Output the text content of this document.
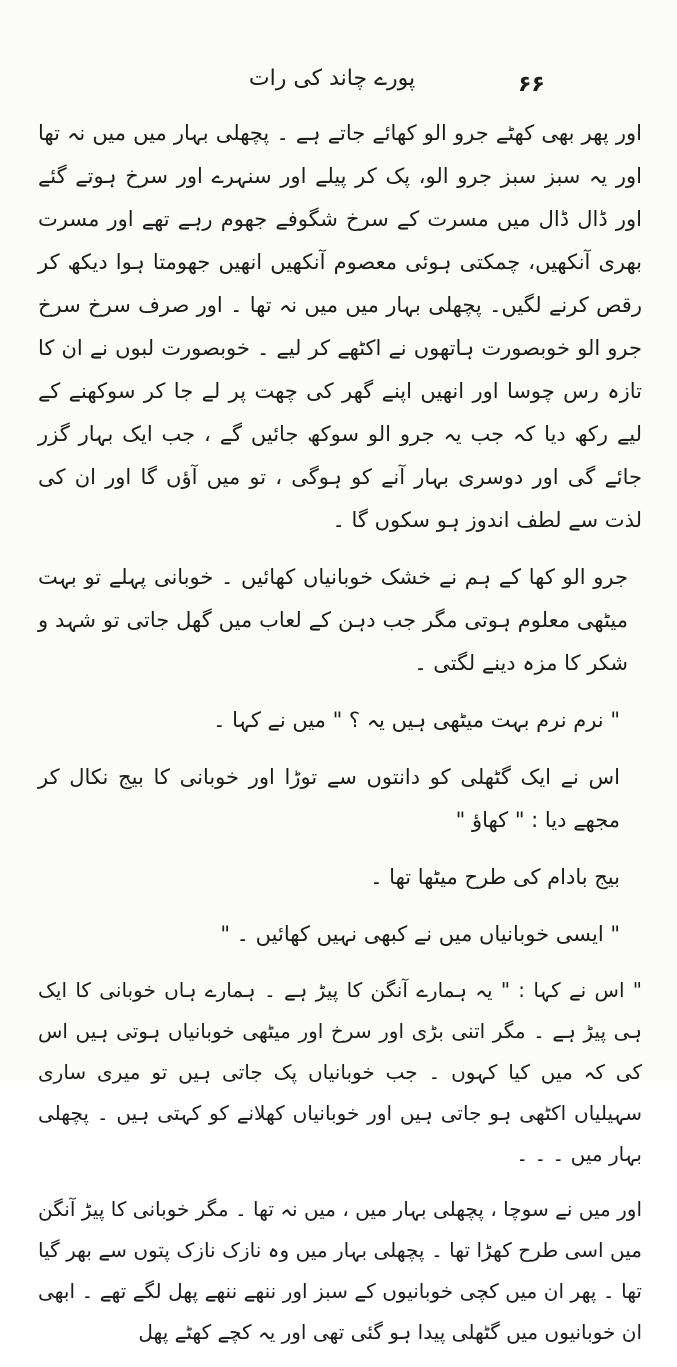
۶۶
پورے چاند کی رات

اور پھر بھی کھٹے جرو الو کھائے جاتے ہے ۔ پچھلی بہار میں میں نہ تھا اور یہ سبز سبز جرو الو، پک کر پیلے اور سنہرے اور سرخ ہوتے گئے اور ڈال ڈال میں مسرت کے سرخ شگوفے جھوم رہے تھے اور مسرت بھری آنکھیں، چمکتی ہوئی معصوم آنکھیں انھیں جھومتا ہوا دیکھ کر رقص کرنے لگیں۔ پچھلی بہار میں میں نہ تھا ۔ اور صرف سرخ سرخ جرو الو خوبصورت ہاتھوں نے اکٹھے کر لیے ۔ خوبصورت لبوں نے ان کا تازہ رس چوسا اور انھیں اپنے گھر کی چھت پر لے جا کر سوکھنے کے لیے رکھ دیا کہ جب یہ جرو الو سوکھ جائیں گے ، جب ایک بہار گزر جائے گی اور دوسری بہار آنے کو ہوگی ، تو میں آؤں گا اور ان کی لذت سے لطف اندوز ہو سکوں گا ۔

جرو الو کھا کے ہم نے خشک خوبانیاں کھائیں ۔ خوبانی پہلے تو بہت میٹھی معلوم ہوتی مگر جب دہن کے لعاب میں گھل جاتی تو شہد و شکر کا مزہ دینے لگتی ۔

" نرم نرم بہت میٹھی ہیں یہ ؟ " میں نے کہا ۔

اس نے ایک گٹھلی کو دانتوں سے توڑا اور خوبانی کا بیج نکال کر مجھے دیا : " کھاؤ "

بیج بادام کی طرح میٹھا تھا ۔

" ایسی خوبانیاں میں نے کبھی نہیں کھائیں ۔ "

" اس نے کہا : " یہ ہمارے آنگن کا پیڑ ہے ۔ ہمارے ہاں خوبانی کا ایک ہی پیڑ ہے ۔ مگر اتنی بڑی اور سرخ اور میٹھی خوبانیاں ہوتی ہیں اس کی کہ میں کیا کہوں ۔ جب خوبانیاں پک جاتی ہیں تو میری ساری سہیلیاں اکٹھی ہو جاتی ہیں اور خوبانیاں کھلانے کو کہتی ہیں ۔ پچھلی بہار میں ۔ ۔ ۔

اور میں نے سوچا ، پچھلی بہار میں ، میں نہ تھا ۔ مگر خوبانی کا پیڑ آنگن میں اسی طرح کھڑا تھا ۔ پچھلی بہار میں وہ نازک نازک پتوں سے بھر گیا تھا ۔ پھر ان میں کچی خوبانیوں کے سبز اور ننھے ننھے پھل لگے تھے ۔ ابھی ان خوبانیوں میں گٹھلی پیدا ہو گئی تھی اور یہ کچے کھٹے پھل
